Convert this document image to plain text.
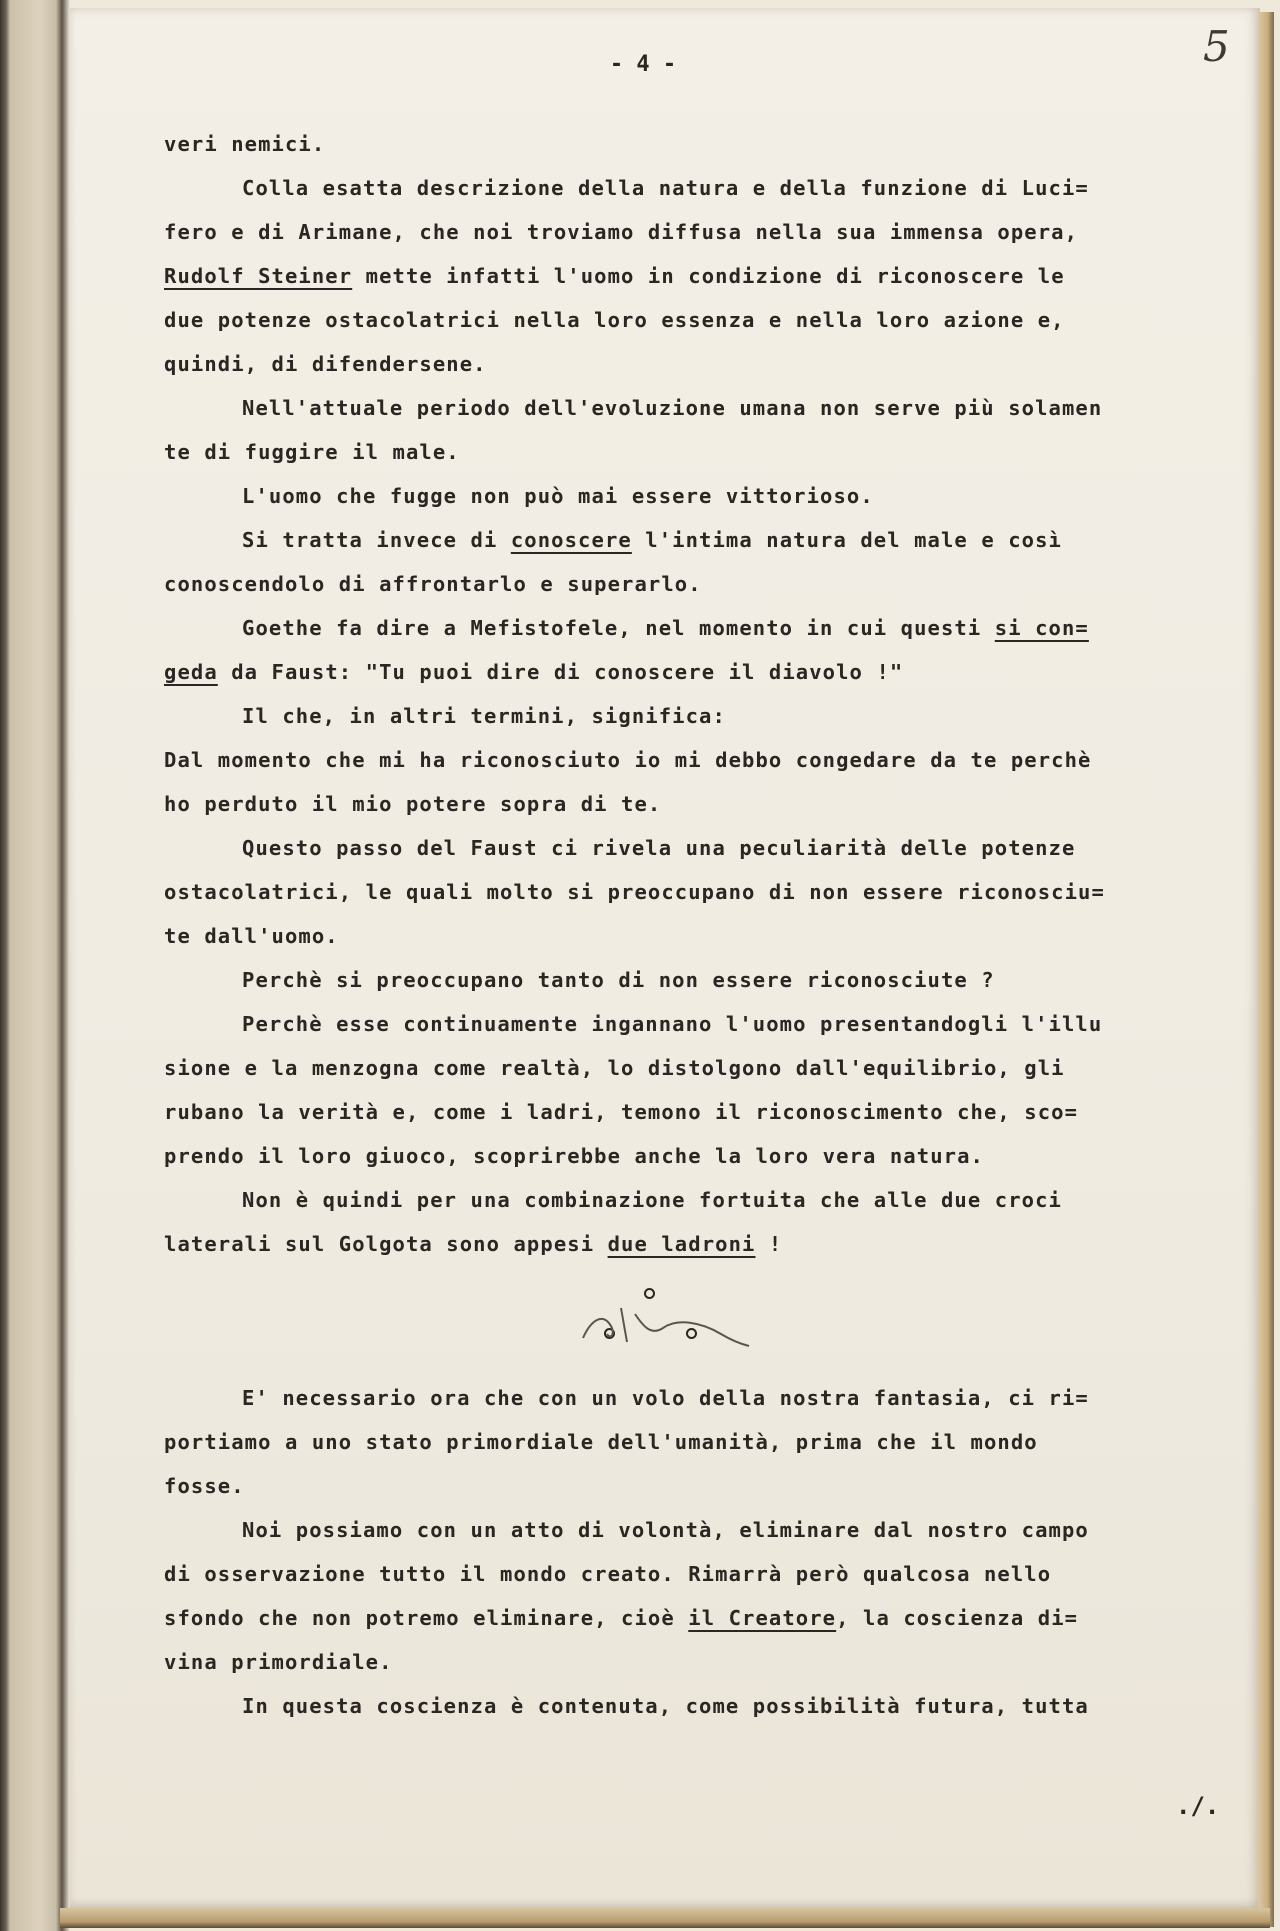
- 4 -	5
veri nemici.
Colla esatta descrizione della natura e della funzione di Luci=
fero e di Arimane, che noi troviamo diffusa nella sua immensa opera,
Rudolf Steiner mette infatti l'uomo in condizione di riconoscere le
due potenze ostacolatrici nella loro essenza e nella loro azione e,
quindi, di difendersene.
Nell'attuale periodo dell'evoluzione umana non serve più solamen
te di fuggire il male.
L'uomo che fugge non può mai essere vittorioso.
Si tratta invece di conoscere l'intima natura del male e così
conoscendolo di affrontarlo e superarlo.
Goethe fa dire a Mefistofele, nel momento in cui questi si con=
geda da Faust: "Tu puoi dire di conoscere il diavolo !"
Il che, in altri termini, significa:
Dal momento che mi ha riconosciuto io mi debbo congedare da te perchè
ho perduto il mio potere sopra di te.
Questo passo del Faust ci rivela una peculiarità delle potenze
ostacolatrici, le quali molto si preoccupano di non essere riconosciu=
te dall'uomo.
Perchè si preoccupano tanto di non essere riconosciute ?
Perchè esse continuamente ingannano l'uomo presentandogli l'illu
sione e la menzogna come realtà, lo distolgono dall'equilibrio, gli
rubano la verità e, come i ladri, temono il riconoscimento che, sco=
prendo il loro giuoco, scoprirebbe anche la loro vera natura.
Non è quindi per una combinazione fortuita che alle due croci
laterali sul Golgota sono appesi due ladroni !
E' necessario ora che con un volo della nostra fantasia, ci ri=
portiamo a uno stato primordiale dell'umanità, prima che il mondo
fosse.
Noi possiamo con un atto di volontà, eliminare dal nostro campo
di osservazione tutto il mondo creato. Rimarrà però qualcosa nello
sfondo che non potremo eliminare, cioè il Creatore, la coscienza di=
vina primordiale.
In questa coscienza è contenuta, come possibilità futura, tutta
./.
